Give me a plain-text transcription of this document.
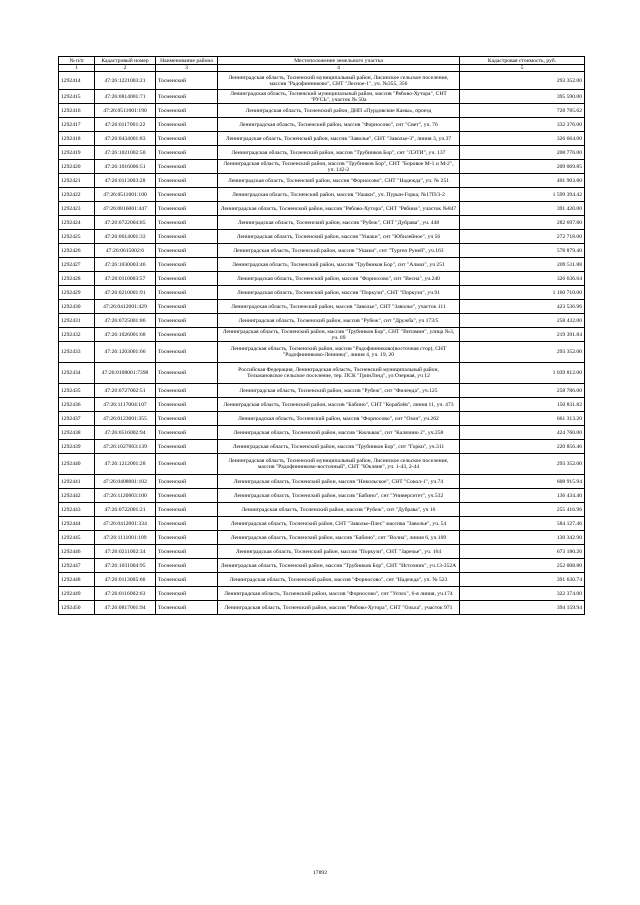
№ п/п	Кадастровый номер	Наименование района	Местоположение земельного участка	Кадастровая стоимость, руб.
1	2	3	4	5
1292414	47:26:1221003:21	Тосненский	Ленинградская область, Тосненский муниципальный район, Лисинское сельское поселение, массив "Радофинниково", СНТ "Лесное-1", уч. №355, 356	293 352.00
1292415	47:26:0814001:71	Тосненский	Ленинградская область, Тосненский муниципальный район, массив "Рябово-Хутора", СНТ "РУСЬ", участок № 50а	395 590.00
1292416	47:26:0511001:190	Тосненский	Ленинградская область, Тосненский район, ДНП «Пурдовские Камы», проезд	728 785.62
1292417	47:26:0117001:22	Тосненский	Ленинградская область, Тосненский район, массив "Форносово", снт "Свет", уч. 76	332 376.00
1292418	47:26:0434001:83	Тосненский	Ленинградская область, Тосненский район, массив "Заволье", СНТ "Заволье-3", линия 3, уч.37	326 664.00
1292419	47:26:1021002:50	Тосненский	Ленинградская область, Тосненский район, массив "Трубников Бор", снт "ЛЭТИ", уч. 137	208 776.00
1292420	47:26:1016006:51	Тосненский	Ленинградская область, Тосненский район, массив "Трубников Бор", СНТ "Боровое М-1 и М-2", уч. 142-2	209 069.85
1292421	47:26:0113003:28	Тосненский	Ленинградская область, Тосненский район, массив "Форносово", СНТ "Надежда", уч. № 251	401 903.80
1292422	47:26:0511001:100	Тосненский	Ленинградская область, Тосненский район, массив "Ушаки", уч. Пурын-Горка, №17П/3-2	1 599 394.42
1292423	47:26:0816001:447	Тосненский	Ленинградская область, Тосненский район, массив "Рябово-Хутора", СНТ "Рябина", участок №847	391 420.00
1292424	47:26:0722004:85	Тосненский	Ленинградская область, Тосненский район, массив "Рубеж", СНТ "Дубрава", уч. 448	282 697.80
1292425	47:26:0614001:33	Тосненский	Ленинградская область, Тосненский район, массив "Ушаки", снт "Юбилейное", уч 56	272 718.00
1292426	47:26:0615002:6	Тосненский	Ленинградская область, Тосненский район, массив "Ушаки", снт "Тургеп Руней", уч.163	578 879.40
1292427	47:26:1030003:46	Тосненский	Ленинградская область, Тосненский район, массив "Трубников Бор", снт "Алмаз", уч 251	209 511.88
1292428	47:26:0110003:57	Тосненский	Ленинградская область, Тосненский район, массив "Форносово", снт "Весна", уч.240	326 636.64
1292429	47:26:0210001:91	Тосненский	Ленинградская область, Тосненский район, массив "Поркузи", СНТ "Поркузи", уч.91	1 160 710.00
1292430	47:26:0412001:429	Тосненский	Ленинградская область, Тосненский район, массив "Заволье", СНТ "Заволье", участок 111	423 536.96
1292431	47:26:0725001:86	Тосненский	Ленинградская область, Тосненский район, массив "Рубеж", снт "Дружба", уч 173/5	258 432.00
1292432	47:26:1026001:68	Тосненский	Ленинградская область, Тосненский район, массив "Трубников Бор", СНТ "Витамин", улица №3, уч. 69	219 391.84
1292433	47:26:1203001:66	Тосненский	Ленинградская область, Тосненский район, массив "Радофинниково(восточная стор), СНТ "Радофинниково-Ленинец", линия 4, уч. 19, 20	293 352.00
1292434	47:26:0108001:7398	Тосненский	Российская Федерация, Ленинградская область, Тосненский муниципальный район, Тельмановское сельское поселение, тер. ПСК "ГринЛэнд", ул Озерная, уч 12	1 039 812.00
1292435	47:26:0727002:51	Тосненский	Ленинградская область, Тосненский район, массив "Рубеж", снт "Филенда", уч.125	258 786.00
1292436	47:26:1117004:107	Тосненский	Ленинградская область, Тосненский район, массив "Бабино", СНТ "Кораблёв", линия 11, уч. 473	150 831.82
1292437	47:26:0123001:355	Тосненский	Ленинградская область, Тосненский район, массив "Форносово", снт "Озон", уч.262	661 313.20
1292438	47:26:0516002:94	Тосненский	Ленинградская область, Тосненский район, массив "Кюльвак", снт "Калязино 2", уч.258	424 760.00
1292439	47:26:1027003:139	Тосненский	Ленинградская область, Тосненский район, массив "Трубников Бор", снт "Горки", уч.311	220 856.46
1292440	47:26:1212001:28	Тосненский	Ленинградская область, Тосненский муниципальный район, Лисинское сельское поселение, массив "Радофинниково-восточный", СНТ "Юкляне", уч. 1-43, 2-44	293 352.00
1292441	47:26:0408001:102	Тосненский	Ленинградская область, Тосненский район, массив "Никольское", СНТ "Сокол-1", уч.74	608 915.94
1292442	47:26:1120003:100	Тосненский	Ленинградская область, Тосненский район, массив "Бабино", снт "Университет", уч.532	136 434.40
1292443	47:26:0722001:21	Тосненский	Ленинградская область, Тосненский район, массив "Рубеж", снт "Дубрава", уч 16	255 416.96
1292444	47:26:0412001:334	Тосненский	Ленинградская область, Тосненский район, СНТ "Заволье-Плес" массива "Заволье", уч. 54	584 127.46
1292445	47:26:1111001:109	Тосненский	Ленинградская область, Тосненский район, массив "Бабино", снт "Волна", линия 6, уч.109	130 342.90
1292446	47:26:0211002:34	Тосненский	Ленинградская область, Тосненский район, массив "Поркузи", СНТ "Заречье", уч. 164	673 180.20
1292447	47:26:1031004:95	Тосненский	Ленинградская область, Тосненский район, массив "Трубников Бор", СНТ "Источник", уч.13-352А	252 008.80
1292448	47:26:0113005:66	Тосненский	Ленинградская область, Тосненский район, массив "Форносово", снт "Надежда", уч. № 523	391 630.74
1292449	47:26:0116002:63	Тосненский	Ленинградская область, Тосненский район, массив "Форносово", снт "Успех", 6-я линия, уч.174	322 374.00
1292450	47:26:0817001:94	Тосненский	Ленинградская область, Тосненский район, массив "Рябово-Хутора", СНТ "Ольха", участок 971	394 159.94
17892
